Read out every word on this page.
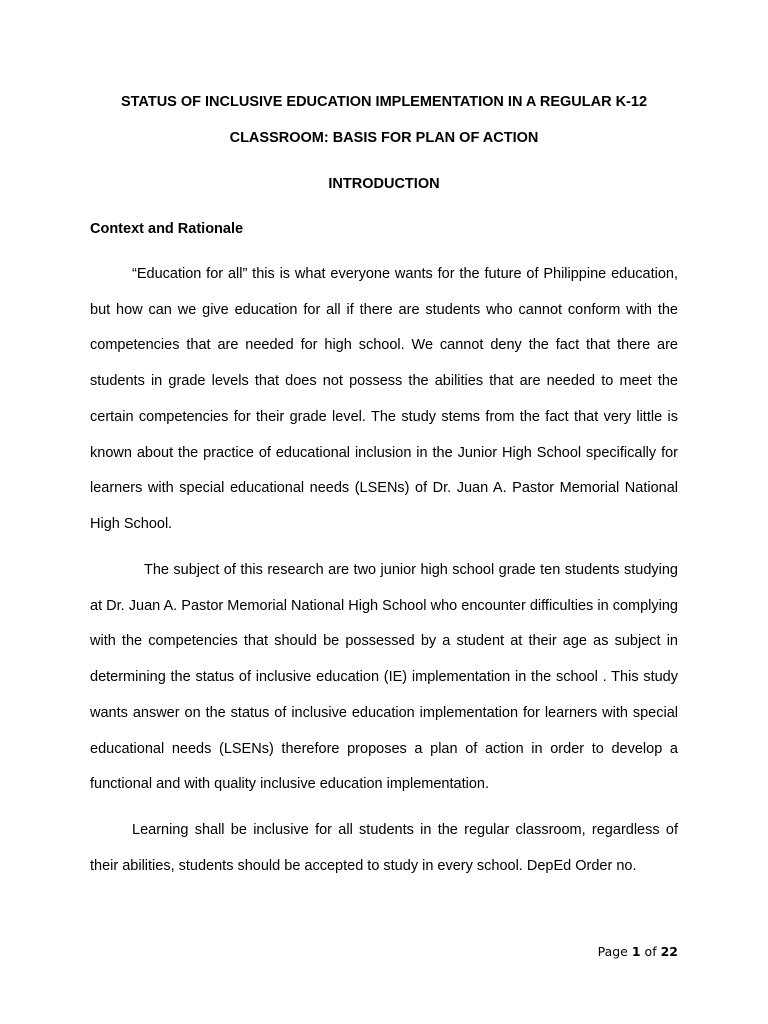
STATUS OF INCLUSIVE EDUCATION IMPLEMENTATION IN A REGULAR K-12
CLASSROOM: BASIS FOR PLAN OF ACTION
INTRODUCTION
Context and Rationale

“Education for all” this is what everyone wants for the future of Philippine education, but how can we give education for all if there are students who cannot conform with the competencies that are needed for high school. We cannot deny the fact that there are students in grade levels that does not possess the abilities that are needed to meet the certain competencies for their grade level. The study stems from the fact that very little is known about the practice of educational inclusion in the Junior High School specifically for learners with special educational needs (LSENs) of Dr. Juan A. Pastor Memorial National High School.

The subject of this research are two junior high school grade ten students studying at Dr. Juan A. Pastor Memorial National High School who encounter difficulties in complying with the competencies that should be possessed by a student at their age as subject in determining the status of inclusive education (IE) implementation in the school . This study wants answer on the status of inclusive education implementation for learners with special educational needs (LSENs) therefore proposes a plan of action in order to develop a functional and with quality inclusive education implementation.

Learning shall be inclusive for all students in the regular classroom, regardless of their abilities, students should be accepted to study in every school. DepEd Order no.

Page 1 of 22
